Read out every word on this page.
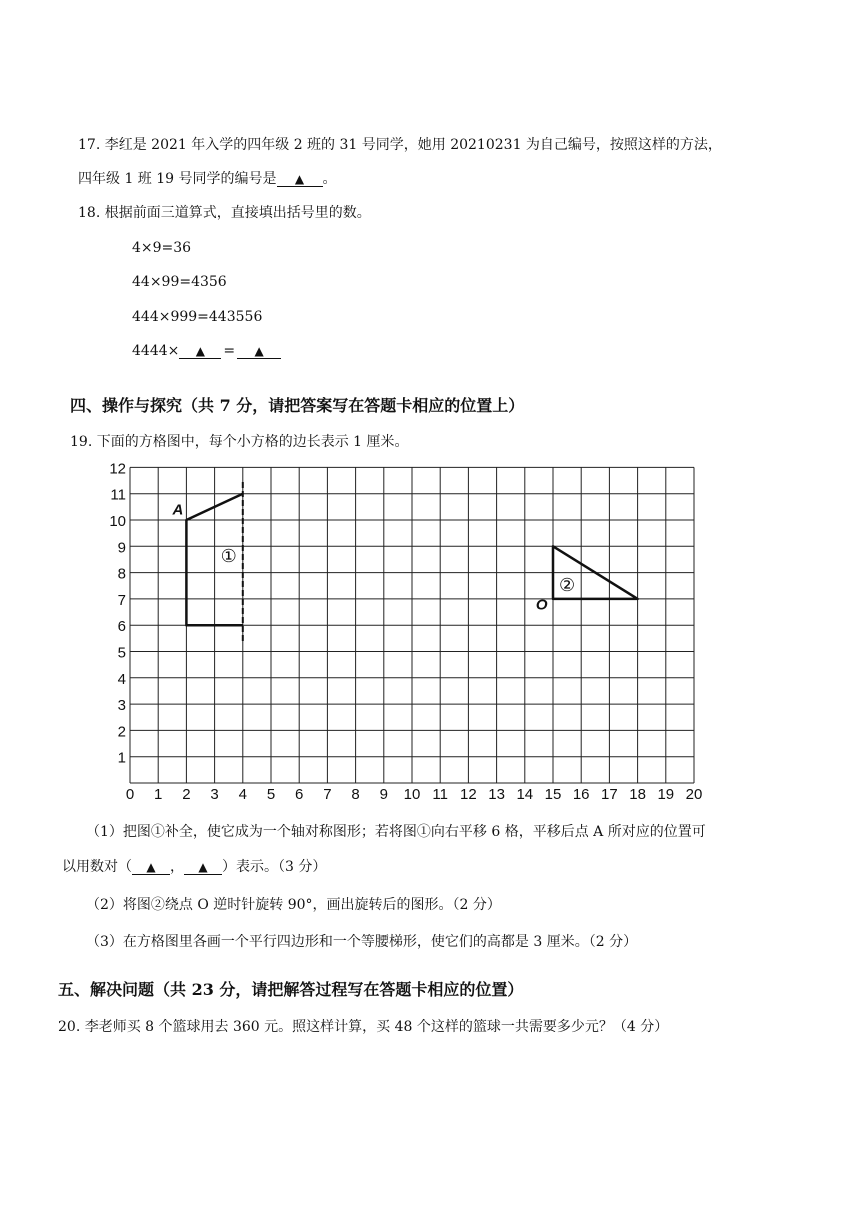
17. 李红是 2021 年入学的四年级 2 班的 31 号同学，她用 20210231 为自己编号，按照这样的方法，
四年级 1 班 19 号同学的编号是 ▲ 。
18. 根据前面三道算式，直接填出括号里的数。
4×9=36
44×99=4356
444×999=443556
4444× ▲ = ▲
四、操作与探究（共 7 分，请把答案写在答题卡相应的位置上）
19. 下面的方格图中，每个小方格的边长表示 1 厘米。
0 1 2 3 4 5 6 7 8 9 10 11 12 13 14 15 16 17 18 19 20
1
2
3
4
5
6
7
8
9
10
11
12
A
O
①
②
（1）把图①补全，使它成为一个轴对称图形；若将图①向右平移 6 格，平移后点 A 所对应的位置可
以用数对（ ▲ ， ▲ ）表示。（3 分）
（2）将图②绕点 O 逆时针旋转 90°，画出旋转后的图形。（2 分）
（3）在方格图里各画一个平行四边形和一个等腰梯形，使它们的高都是 3 厘米。（2 分）
五、解决问题（共 23 分，请把解答过程写在答题卡相应的位置）
20. 李老师买 8 个篮球用去 360 元。照这样计算，买 48 个这样的篮球一共需要多少元？（4 分）
